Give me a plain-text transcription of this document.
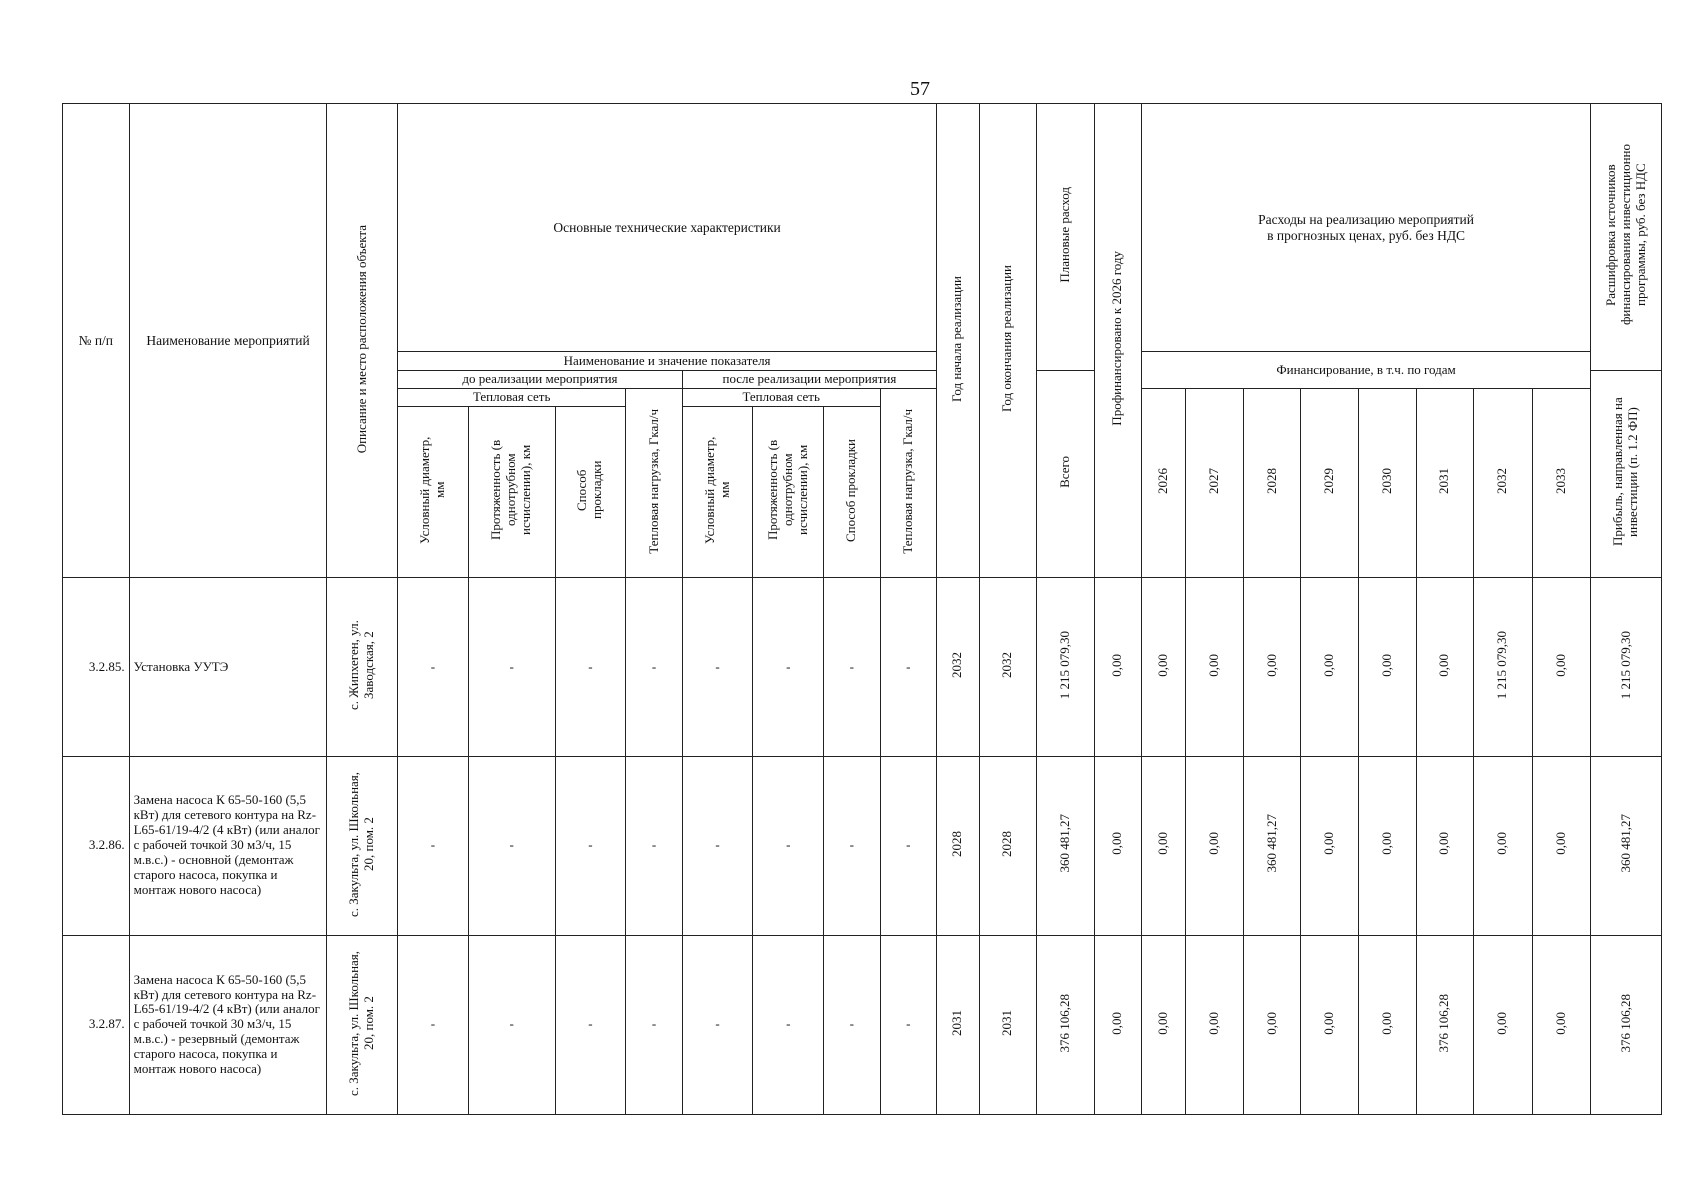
57
№ п/п	Наименование мероприятий	Описание и место расположения объекта	Основные технические характеристики								Год начала реализации	Год окончания реализации	Плановые расход	Профинансировано к 2026 году	Расходы на реализацию мероприятий в прогнозных ценах, руб. без НДС								Расшифровка источников финансирования инвестиционно программы, руб. без НДС
			Наименование и значение показателя												Финансирование, в т.ч. по годам								
			до реализации мероприятия				после реализации мероприятия						Всего										Прибыль, направленная на инвестиции (п. 1.2 ФП)
			Тепловая сеть			Тепловая нагрузка, Гкал/ч	Тепловая сеть			Тепловая нагрузка, Гкал/ч					2026	2027	2028	2029	2030	2031	2032	2033	
			Условный диаметр, мм	Протяженность (в однотрубном исчислении), км	Способ прокладки		Условный диаметр, мм	Протяженность (в однотрубном исчислении), км	Способ прокладки														
3.2.85.	Установка УУТЭ	с. Жипхеген, ул. Заводская, 2	-	-	-	-	-	-	-	-	2032	2032	1 215 079,30	0,00	0,00	0,00	0,00	0,00	0,00	0,00	1 215 079,30	0,00	1 215 079,30
3.2.86.	Замена насоса К 65-50-160 (5,5 кВт) для сетевого контура на Rz-L65-61/19-4/2 (4 кВт) (или аналог с рабочей точкой 30 м3/ч, 15 м.в.с.) - основной (демонтаж старого насоса, покупка и монтаж нового насоса)	с. Закульта, ул. Школьная, 20, пом. 2	-	-	-	-	-	-	-	-	2028	2028	360 481,27	0,00	0,00	0,00	360 481,27	0,00	0,00	0,00	0,00	0,00	360 481,27
3.2.87.	Замена насоса К 65-50-160 (5,5 кВт) для сетевого контура на Rz-L65-61/19-4/2 (4 кВт) (или аналог с рабочей точкой 30 м3/ч, 15 м.в.с.) - резервный (демонтаж старого насоса, покупка и монтаж нового насоса)	с. Закульта, ул. Школьная, 20, пом. 2	-	-	-	-	-	-	-	-	2031	2031	376 106,28	0,00	0,00	0,00	0,00	0,00	0,00	376 106,28	0,00	0,00	376 106,28
